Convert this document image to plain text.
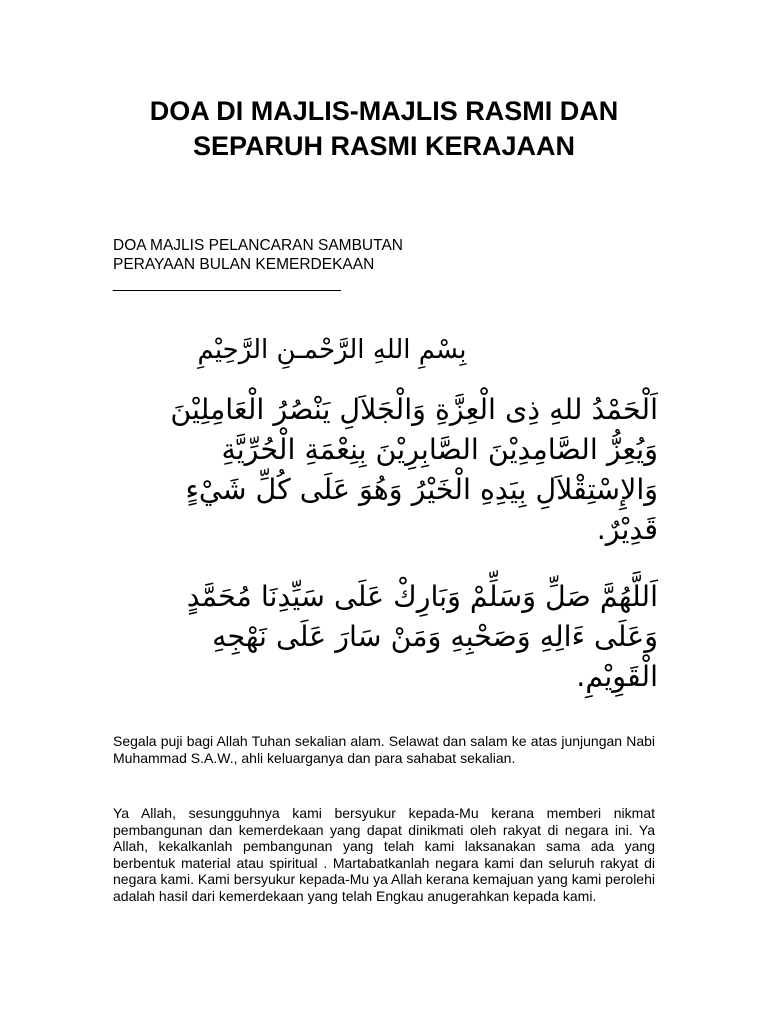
DOA DI MAJLIS-MAJLIS RASMI DAN
SEPARUH RASMI KERAJAAN
DOA MAJLIS PELANCARAN SAMBUTAN
PERAYAAN BULAN KEMERDEKAAN
____________________________
بِسْمِ اللهِ الرَّحْمـنِ الرَّحِيْمِ
اَلْحَمْدُ للهِ ذِى الْعِزَّةِ وَالْجَلاَلِ يَنْصُرُ الْعَامِلِيْنَ
وَيُعِزُّ الصَّامِدِيْنَ الصَّابِرِيْنَ بِنِعْمَةِ الْحُرِّيَّةِ
وَالإِسْتِقْلاَلِ بِيَدِهِ الْخَيْرُ وَهُوَ عَلَى كُلِّ شَيْءٍ
قَدِيْرٌ.
اَللَّهُمَّ صَلِّ وَسَلِّمْ وَبَارِكْ عَلَى سَيِّدِنَا مُحَمَّدٍ
وَعَلَى ءَالِهِ وَصَحْبِهِ وَمَنْ سَارَ عَلَى نَهْجِهِ
الْقَوِيْمِ.

Segala puji bagi Allah Tuhan sekalian alam. Selawat dan salam ke atas junjungan Nabi Muhammad S.A.W., ahli keluarganya dan para sahabat sekalian.

Ya Allah, sesungguhnya kami bersyukur kepada-Mu kerana memberi nikmat pembangunan dan kemerdekaan yang dapat dinikmati oleh rakyat di negara ini. Ya Allah, kekalkanlah pembangunan yang telah kami laksanakan sama ada yang berbentuk material atau spiritual . Martabatkanlah negara kami dan seluruh rakyat di negara kami. Kami bersyukur kepada-Mu ya Allah kerana kemajuan yang kami perolehi adalah hasil dari kemerdekaan yang telah Engkau anugerahkan kepada kami.
